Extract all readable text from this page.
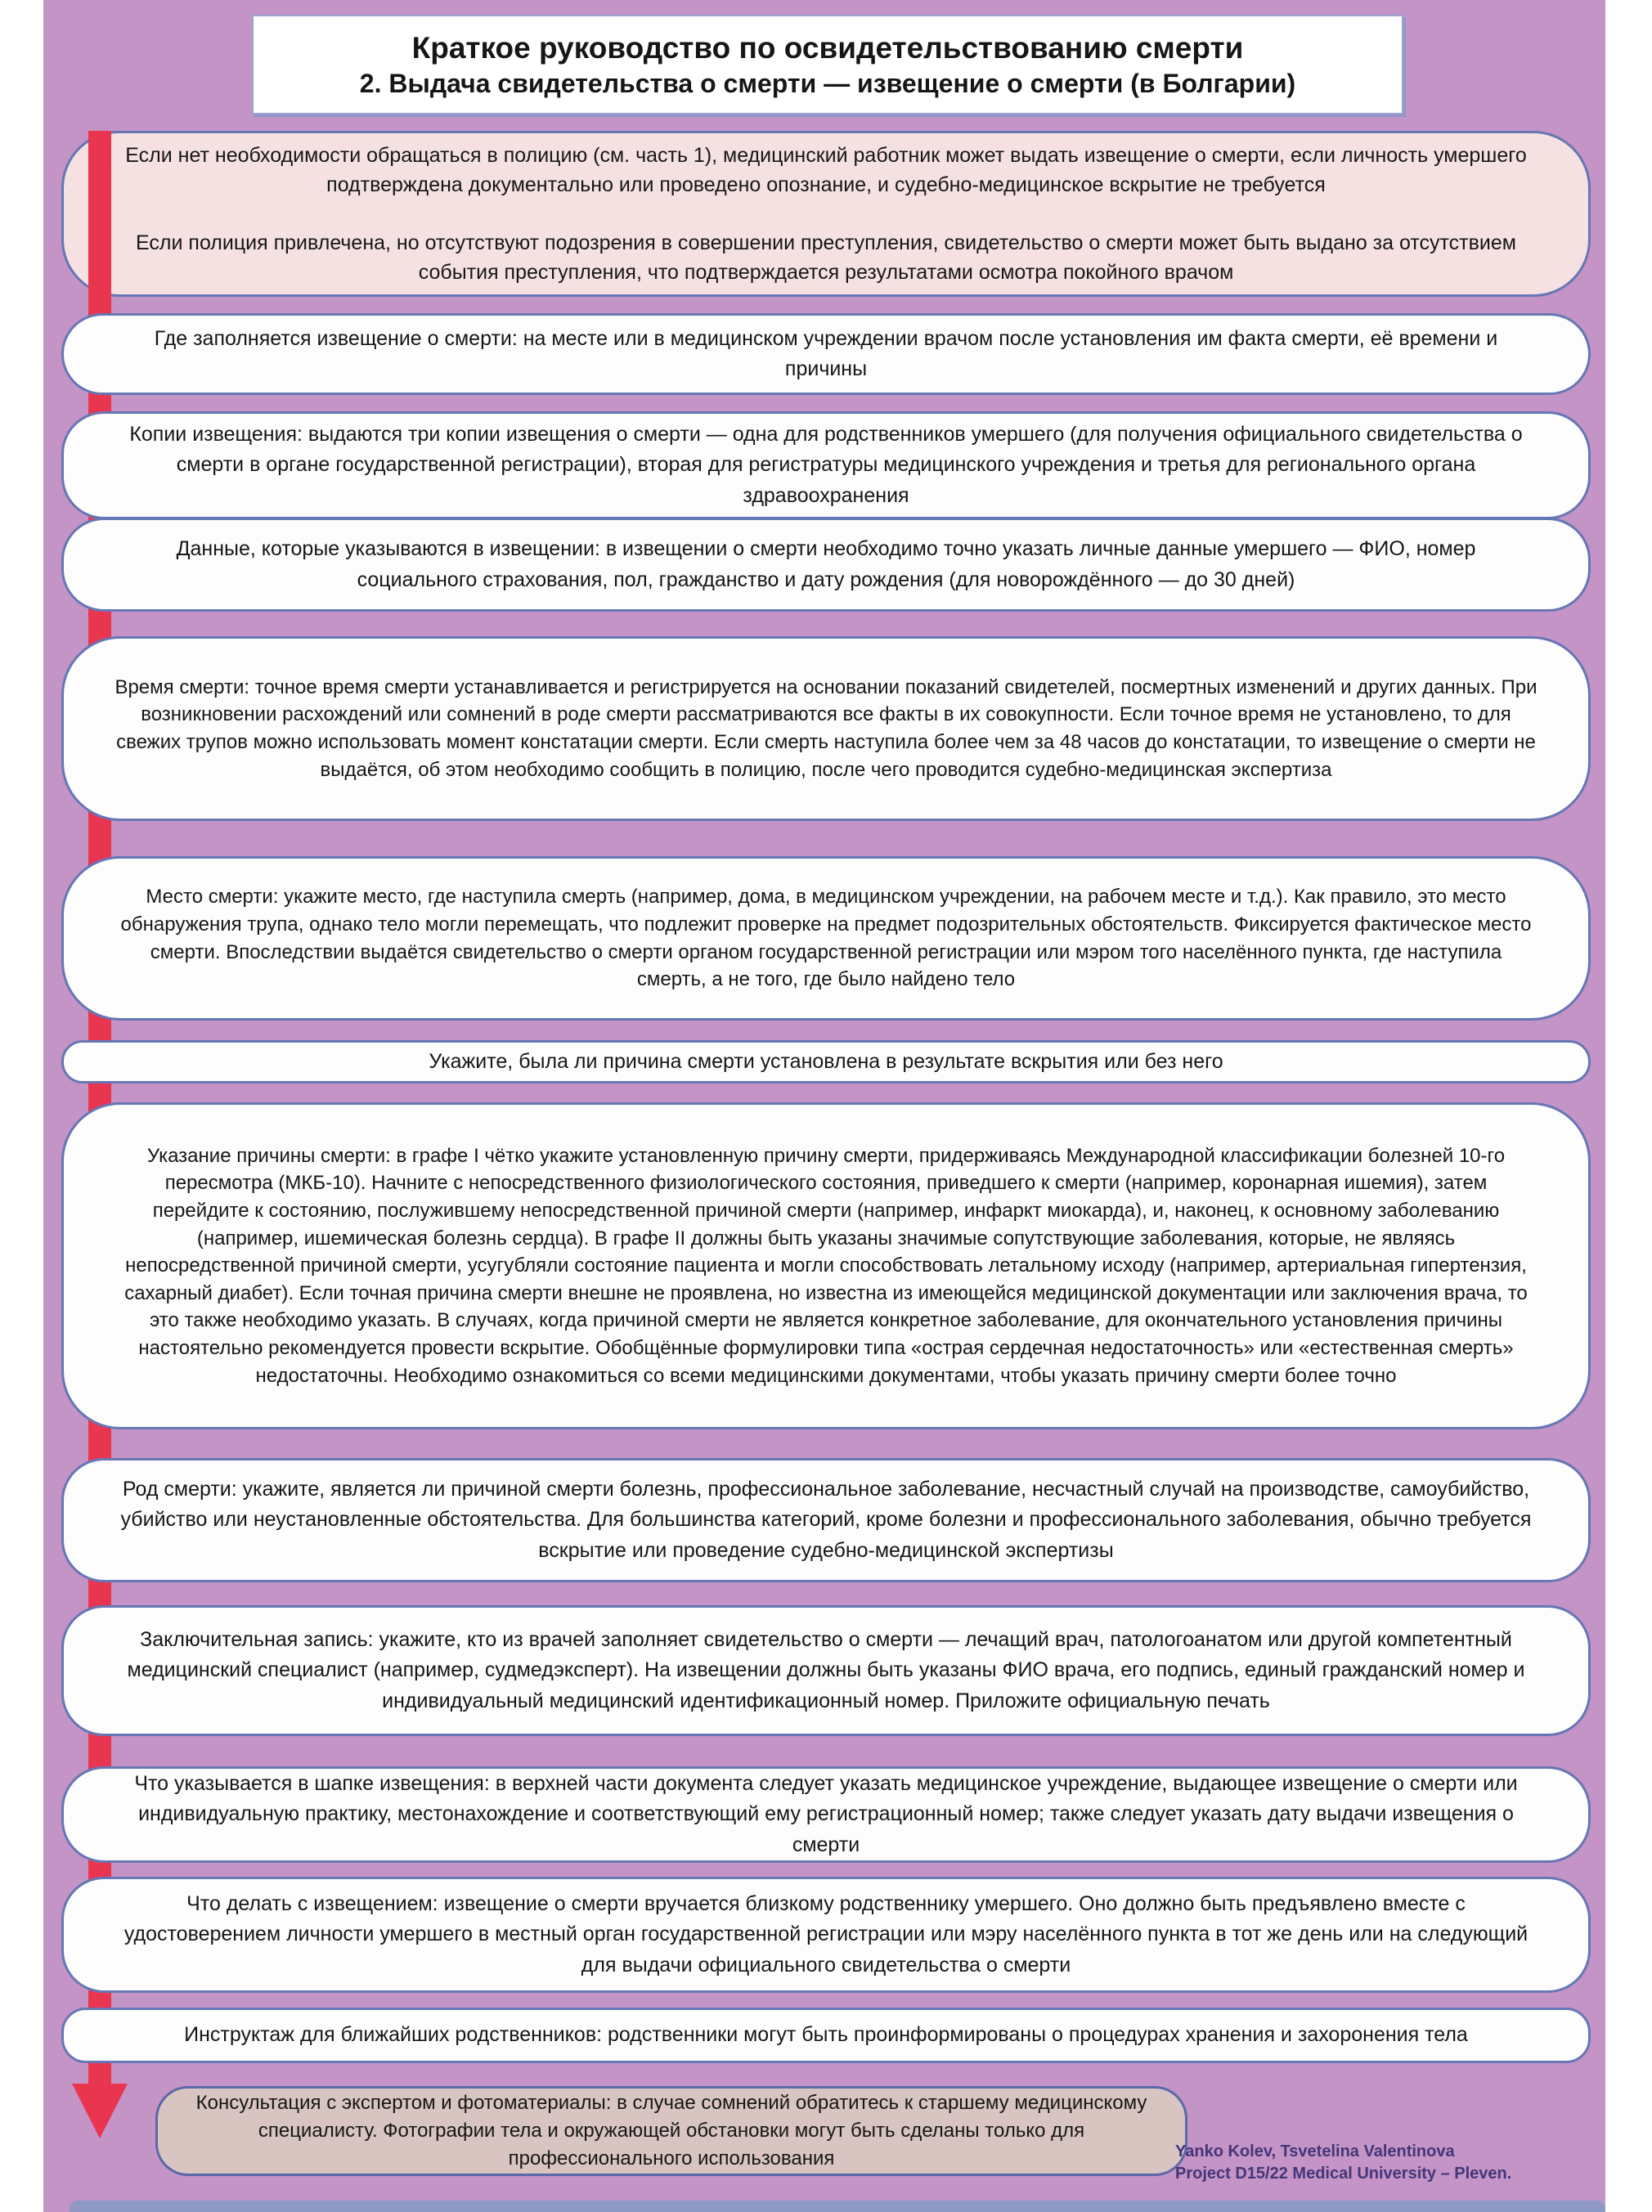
Краткое руководство по освидетельствованию смерти
2. Выдача свидетельства о смерти — извещение о смерти (в Болгарии)

Если нет необходимости обращаться в полицию (см. часть 1), медицинский работник может выдать извещение о смерти, если личность умершего подтверждена документально или проведено опознание, и судебно-медицинское вскрытие не требуется

Если полиция привлечена, но отсутствуют подозрения в совершении преступления, свидетельство о смерти может быть выдано за отсутствием события преступления, что подтверждается результатами осмотра покойного врачом

Где заполняется извещение о смерти: на месте или в медицинском учреждении врачом после установления им факта смерти, её времени и причины
Копии извещения: выдаются три копии извещения о смерти — одна для родственников умершего (для получения официального свидетельства о смерти в органе государственной регистрации), вторая для регистратуры медицинского учреждения и третья для регионального органа здравоохранения
Данные, которые указываются в извещении: в извещении о смерти необходимо точно указать личные данные умершего — ФИО, номер социального страхования, пол, гражданство и дату рождения (для новорождённого — до 30 дней)
Время смерти: точное время смерти устанавливается и регистрируется на основании показаний свидетелей, посмертных изменений и других данных. При возникновении расхождений или сомнений в роде смерти рассматриваются все факты в их совокупности. Если точное время не установлено, то для свежих трупов можно использовать момент констатации смерти. Если смерть наступила более чем за 48 часов до констатации, то извещение о смерти не выдаётся, об этом необходимо сообщить в полицию, после чего проводится судебно-медицинская экспертиза
Место смерти: укажите место, где наступила смерть (например, дома, в медицинском учреждении, на рабочем месте и т.д.). Как правило, это место обнаружения трупа, однако тело могли перемещать, что подлежит проверке на предмет подозрительных обстоятельств. Фиксируется фактическое место смерти. Впоследствии выдаётся свидетельство о смерти органом государственной регистрации или мэром того населённого пункта, где наступила смерть, а не того, где было найдено тело
Укажите, была ли причина смерти установлена в результате вскрытия или без него
Указание причины смерти: в графе I чётко укажите установленную причину смерти, придерживаясь Международной классификации болезней 10-го пересмотра (МКБ-10). Начните с непосредственного физиологического состояния, приведшего к смерти (например, коронарная ишемия), затем перейдите к состоянию, послужившему непосредственной причиной смерти (например, инфаркт миокарда), и, наконец, к основному заболеванию (например, ишемическая болезнь сердца). В графе II должны быть указаны значимые сопутствующие заболевания, которые, не являясь непосредственной причиной смерти, усугубляли состояние пациента и могли способствовать летальному исходу (например, артериальная гипертензия, сахарный диабет). Если точная причина смерти внешне не проявлена, но известна из имеющейся медицинской документации или заключения врача, то это также необходимо указать. В случаях, когда причиной смерти не является конкретное заболевание, для окончательного установления причины настоятельно рекомендуется провести вскрытие. Обобщённые формулировки типа «острая сердечная недостаточность» или «естественная смерть» недостаточны. Необходимо ознакомиться со всеми медицинскими документами, чтобы указать причину смерти более точно
Род смерти: укажите, является ли причиной смерти болезнь, профессиональное заболевание, несчастный случай на производстве, самоубийство, убийство или неустановленные обстоятельства. Для большинства категорий, кроме болезни и профессионального заболевания, обычно требуется вскрытие или проведение судебно-медицинской экспертизы
Заключительная запись: укажите, кто из врачей заполняет свидетельство о смерти — лечащий врач, патологоанатом или другой компетентный медицинский специалист (например, судмедэксперт). На извещении должны быть указаны ФИО врача, его подпись, единый гражданский номер и индивидуальный медицинский идентификационный номер. Приложите официальную печать
Что указывается в шапке извещения: в верхней части документа следует указать медицинское учреждение, выдающее извещение о смерти или индивидуальную практику, местонахождение и соответствующий ему регистрационный номер; также следует указать дату выдачи извещения о смерти
Что делать с извещением: извещение о смерти вручается близкому родственнику умершего. Оно должно быть предъявлено вместе с удостоверением личности умершего в местный орган государственной регистрации или мэру населённого пункта в тот же день или на следующий для выдачи официального свидетельства о смерти
Инструктаж для ближайших родственников: родственники могут быть проинформированы о процедурах хранения и захоронения тела
Консультация с экспертом и фотоматериалы: в случае сомнений обратитесь к старшему медицинскому специалисту. Фотографии тела и окружающей обстановки могут быть сделаны только для профессионального использования	Yanko Kolev, Tsvetelina Valentinova
Project D15/22 Medical University – Pleven.
